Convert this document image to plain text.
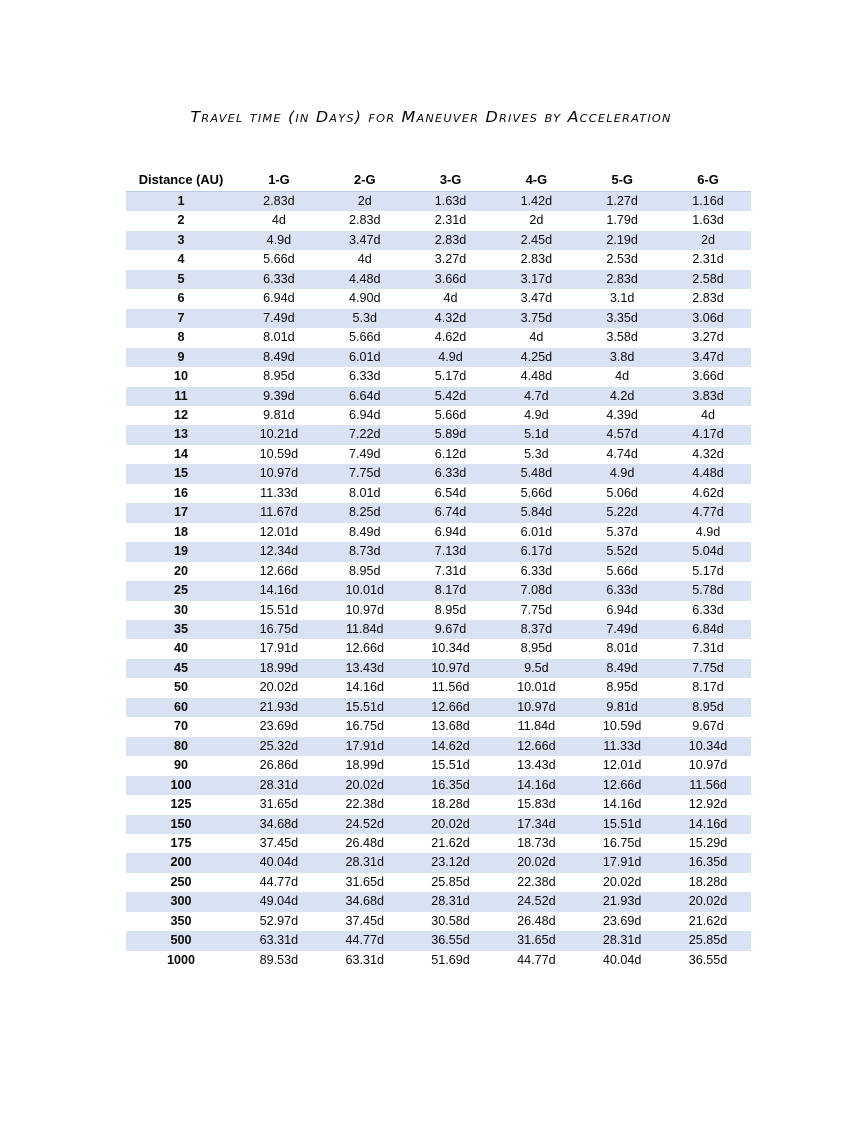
Travel time (in Days) for Maneuver Drives by Acceleration
Distance (AU)	1-G	2-G	3-G	4-G	5-G	6-G
1	2.83d	2d	1.63d	1.42d	1.27d	1.16d
2	4d	2.83d	2.31d	2d	1.79d	1.63d
3	4.9d	3.47d	2.83d	2.45d	2.19d	2d
4	5.66d	4d	3.27d	2.83d	2.53d	2.31d
5	6.33d	4.48d	3.66d	3.17d	2.83d	2.58d
6	6.94d	4.90d	4d	3.47d	3.1d	2.83d
7	7.49d	5.3d	4.32d	3.75d	3.35d	3.06d
8	8.01d	5.66d	4.62d	4d	3.58d	3.27d
9	8.49d	6.01d	4.9d	4.25d	3.8d	3.47d
10	8.95d	6.33d	5.17d	4.48d	4d	3.66d
11	9.39d	6.64d	5.42d	4.7d	4.2d	3.83d
12	9.81d	6.94d	5.66d	4.9d	4.39d	4d
13	10.21d	7.22d	5.89d	5.1d	4.57d	4.17d
14	10.59d	7.49d	6.12d	5.3d	4.74d	4.32d
15	10.97d	7.75d	6.33d	5.48d	4.9d	4.48d
16	11.33d	8.01d	6.54d	5.66d	5.06d	4.62d
17	11.67d	8.25d	6.74d	5.84d	5.22d	4.77d
18	12.01d	8.49d	6.94d	6.01d	5.37d	4.9d
19	12.34d	8.73d	7.13d	6.17d	5.52d	5.04d
20	12.66d	8.95d	7.31d	6.33d	5.66d	5.17d
25	14.16d	10.01d	8.17d	7.08d	6.33d	5.78d
30	15.51d	10.97d	8.95d	7.75d	6.94d	6.33d
35	16.75d	11.84d	9.67d	8.37d	7.49d	6.84d
40	17.91d	12.66d	10.34d	8.95d	8.01d	7.31d
45	18.99d	13.43d	10.97d	9.5d	8.49d	7.75d
50	20.02d	14.16d	11.56d	10.01d	8.95d	8.17d
60	21.93d	15.51d	12.66d	10.97d	9.81d	8.95d
70	23.69d	16.75d	13.68d	11.84d	10.59d	9.67d
80	25.32d	17.91d	14.62d	12.66d	11.33d	10.34d
90	26.86d	18.99d	15.51d	13.43d	12.01d	10.97d
100	28.31d	20.02d	16.35d	14.16d	12.66d	11.56d
125	31.65d	22.38d	18.28d	15.83d	14.16d	12.92d
150	34.68d	24.52d	20.02d	17.34d	15.51d	14.16d
175	37.45d	26.48d	21.62d	18.73d	16.75d	15.29d
200	40.04d	28.31d	23.12d	20.02d	17.91d	16.35d
250	44.77d	31.65d	25.85d	22.38d	20.02d	18.28d
300	49.04d	34.68d	28.31d	24.52d	21.93d	20.02d
350	52.97d	37.45d	30.58d	26.48d	23.69d	21.62d
500	63.31d	44.77d	36.55d	31.65d	28.31d	25.85d
1000	89.53d	63.31d	51.69d	44.77d	40.04d	36.55d
